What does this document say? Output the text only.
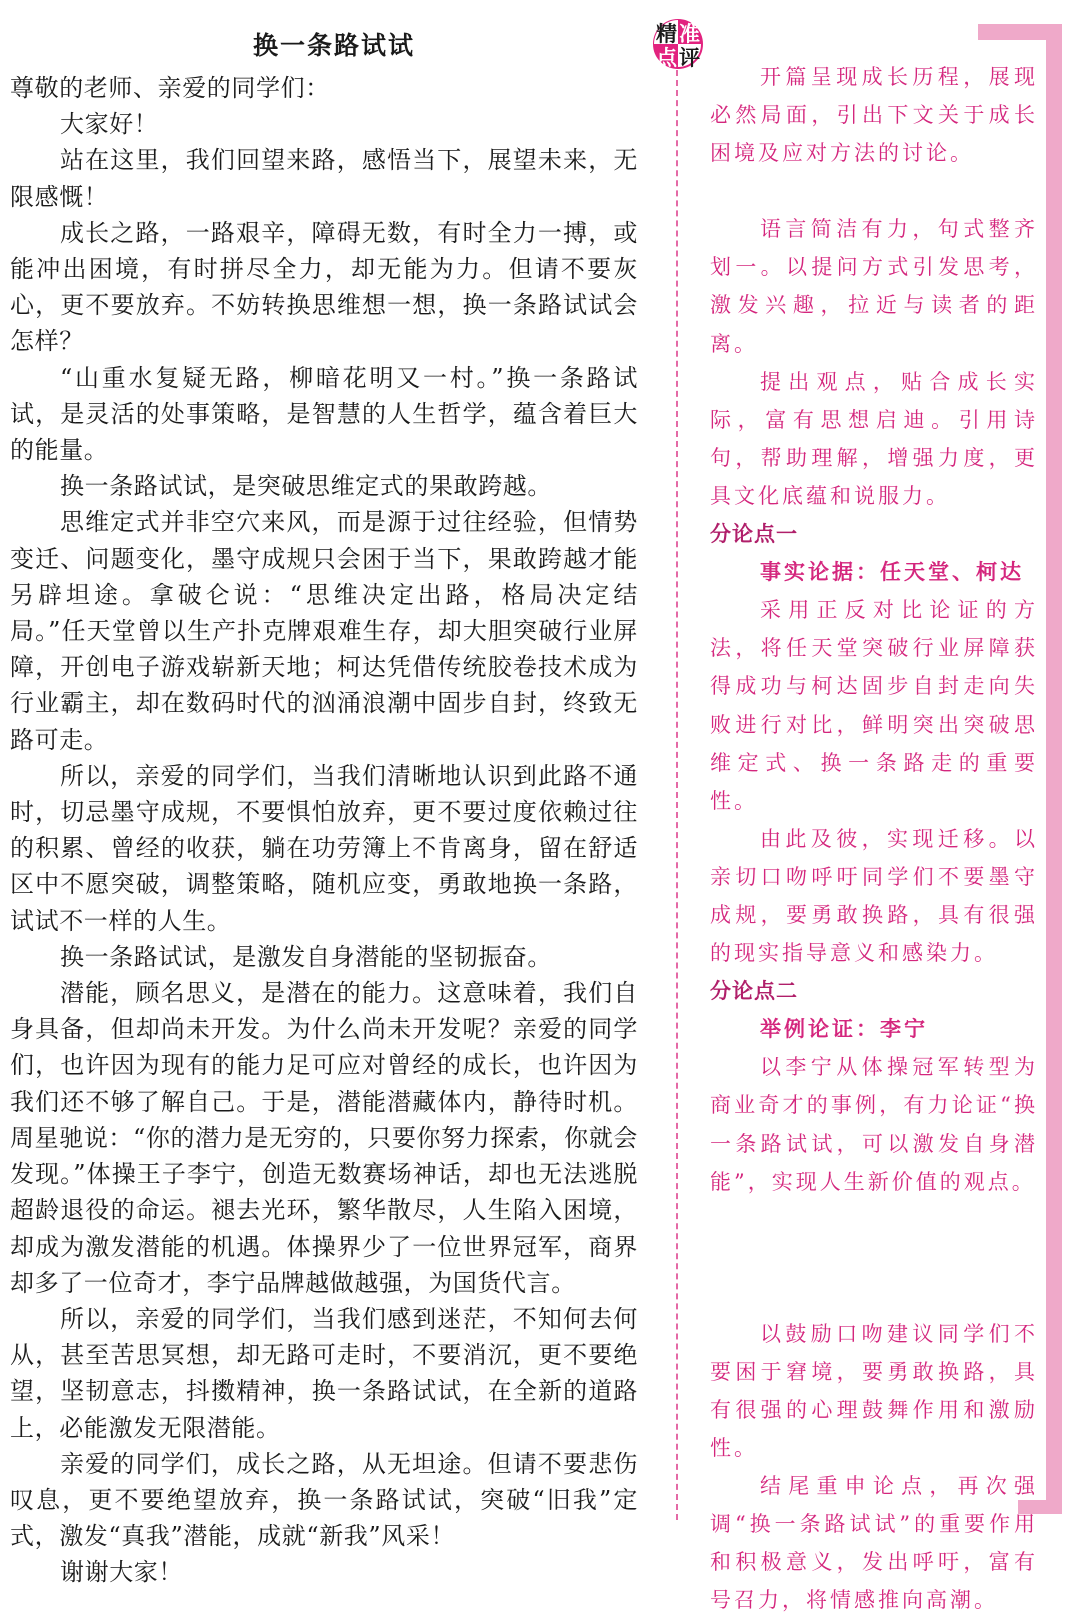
换一条路试试

尊敬的老师、亲爱的同学们：

大家好！

站在这里，我们回望来路，感悟当下，展望未来，无限感慨！

成长之路，一路艰辛，障碍无数，有时全力一搏，或能冲出困境，有时拼尽全力，却无能为力。但请不要灰心，更不要放弃。不妨转换思维想一想，换一条路试试会怎样？

“山重水复疑无路，柳暗花明又一村。”换一条路试试，是灵活的处事策略，是智慧的人生哲学，蕴含着巨大的能量。

换一条路试试，是突破思维定式的果敢跨越。

思维定式并非空穴来风，而是源于过往经验，但情势变迁、问题变化，墨守成规只会困于当下，果敢跨越才能另辟坦途。拿破仑说：“思维决定出路，格局决定结局。”任天堂曾以生产扑克牌艰难生存，却大胆突破行业屏障，开创电子游戏崭新天地；柯达凭借传统胶卷技术成为行业霸主，却在数码时代的汹涌浪潮中固步自封，终致无路可走。

所以，亲爱的同学们，当我们清晰地认识到此路不通时，切忌墨守成规，不要惧怕放弃，更不要过度依赖过往的积累、曾经的收获，躺在功劳簿上不肯离身，留在舒适区中不愿突破，调整策略，随机应变，勇敢地换一条路，试试不一样的人生。

换一条路试试，是激发自身潜能的坚韧振奋。

潜能，顾名思义，是潜在的能力。这意味着，我们自身具备，但却尚未开发。为什么尚未开发呢？亲爱的同学们，也许因为现有的能力足可应对曾经的成长，也许因为我们还不够了解自己。于是，潜能潜藏体内，静待时机。周星驰说：“你的潜力是无穷的，只要你努力探索，你就会发现。”体操王子李宁，创造无数赛场神话，却也无法逃脱超龄退役的命运。褪去光环，繁华散尽，人生陷入困境，却成为激发潜能的机遇。体操界少了一位世界冠军，商界却多了一位奇才，李宁品牌越做越强，为国货代言。

所以，亲爱的同学们，当我们感到迷茫，不知何去何从，甚至苦思冥想，却无路可走时，不要消沉，更不要绝望，坚韧意志，抖擞精神，换一条路试试，在全新的道路上，必能激发无限潜能。

亲爱的同学们，成长之路，从无坦途。但请不要悲伤叹息，更不要绝望放弃，换一条路试试，突破“旧我”定式，激发“真我”潜能，成就“新我”风采！

谢谢大家！

精 准
点 评

开篇呈现成长历程，展现必然局面，引出下文关于成长困境及应对方法的讨论。

语言简洁有力，句式整齐划一。以提问方式引发思考，激发兴趣，拉近与读者的距离。

提出观点，贴合成长实际，富有思想启迪。引用诗句，帮助理解，增强力度，更具文化底蕴和说服力。

分论点一

事实论据：任天堂、柯达

采用正反对比论证的方法，将任天堂突破行业屏障获得成功与柯达固步自封走向失败进行对比，鲜明突出突破思维定式、换一条路走的重要性。

由此及彼，实现迁移。以亲切口吻呼吁同学们不要墨守成规，要勇敢换路，具有很强的现实指导意义和感染力。

分论点二

举例论证：李宁

以李宁从体操冠军转型为商业奇才的事例，有力论证“换一条路试试，可以激发自身潜能”，实现人生新价值的观点。

以鼓励口吻建议同学们不要困于窘境，要勇敢换路，具有很强的心理鼓舞作用和激励性。

结尾重申论点，再次强调“换一条路试试”的重要作用和积极意义，发出呼吁，富有号召力，将情感推向高潮。
